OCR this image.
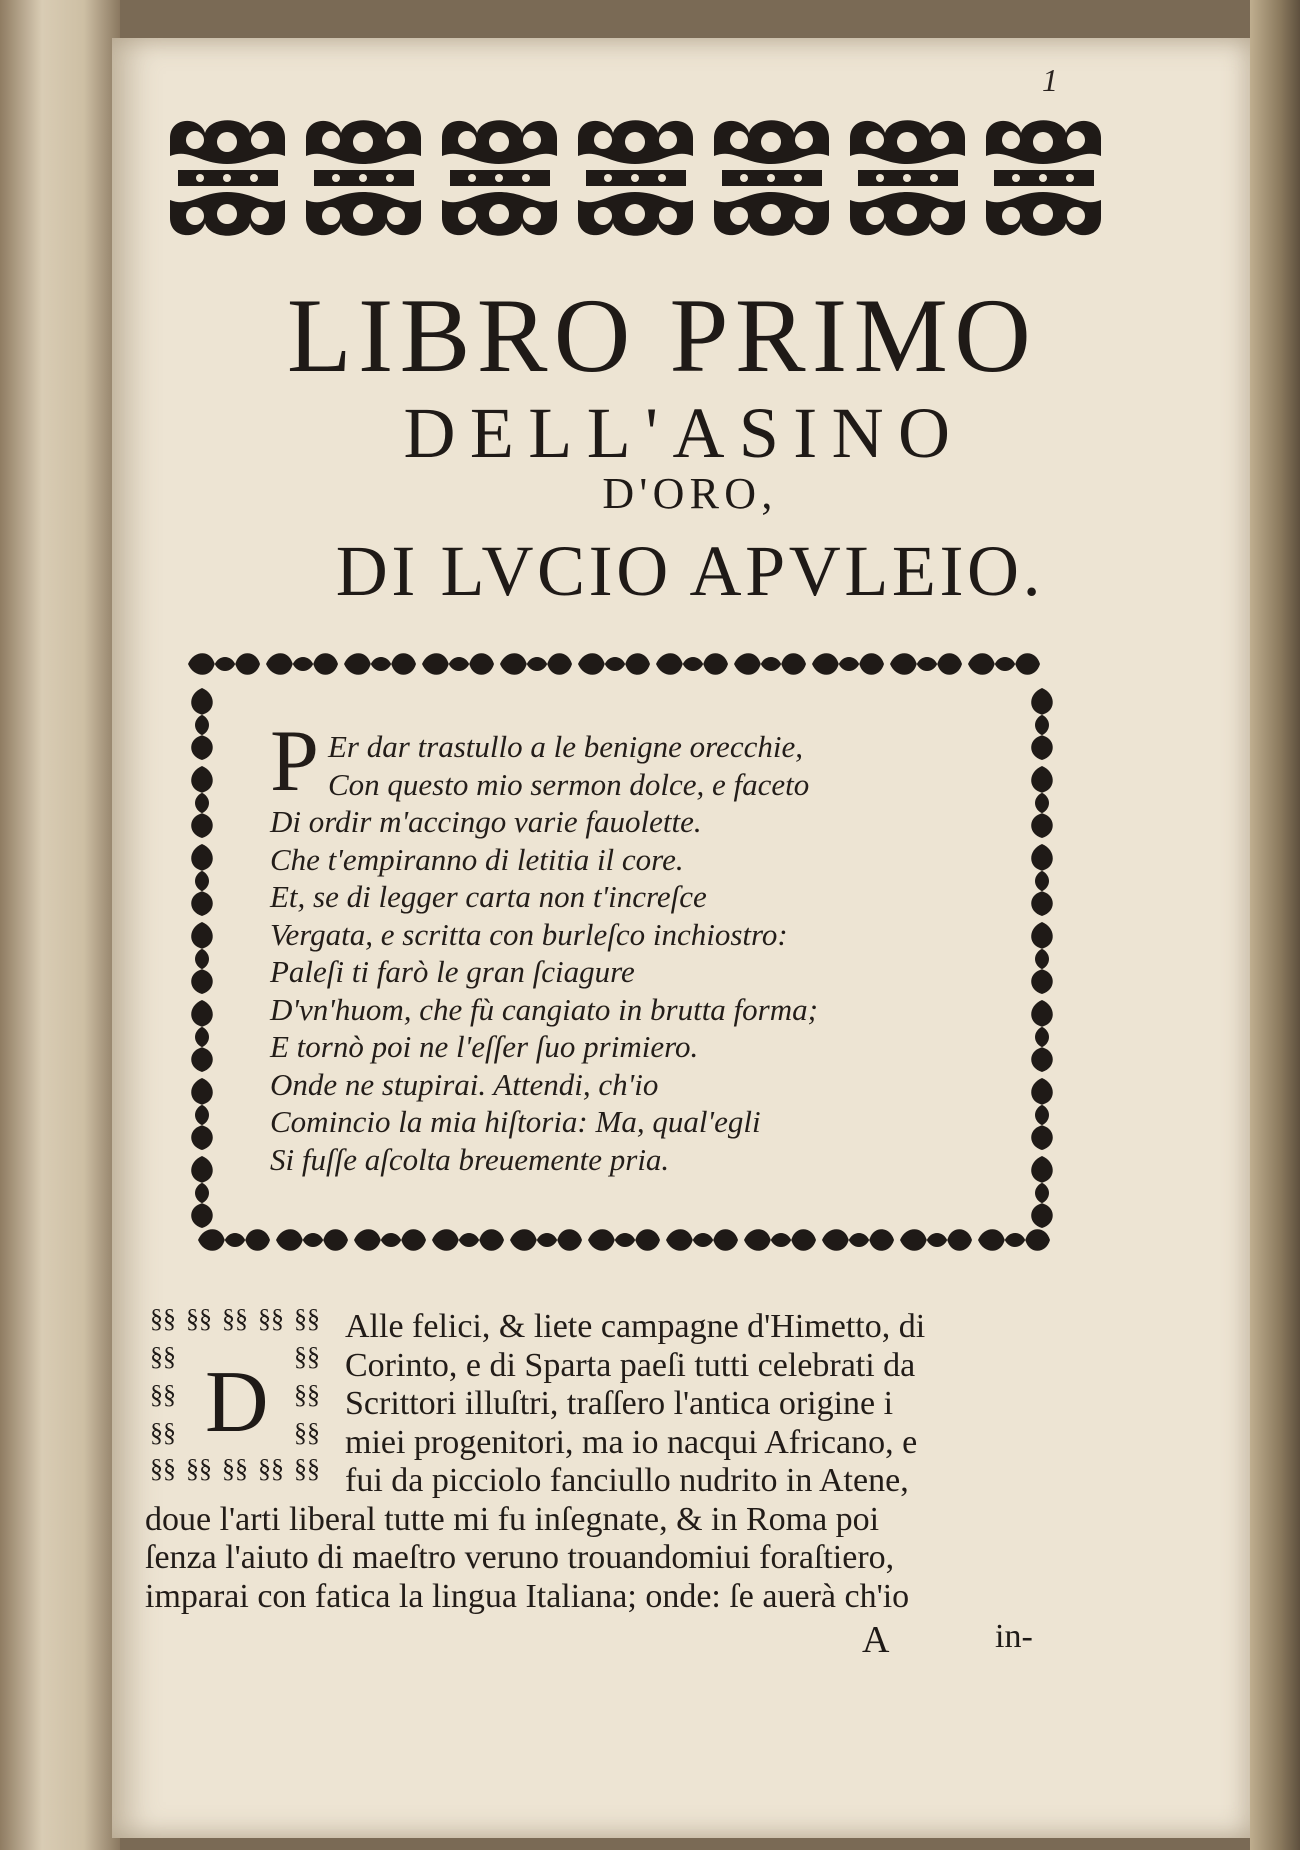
1
LIBRO PRIMO
DELL'ASINO
D'ORO,
DI LVCIO APVLEIO.
P Er dar trastullo a le benigne orecchie,
Con questo mio sermon dolce, e faceto
Di ordir m'accingo varie fauolette.
Che t'empiranno di letitia il core.
Et, se di legger carta non t'increſce
Vergata, e scritta con burleſco inchiostro:
Paleſi ti farò le gran ſciagure
D'vn'huom, che fù cangiato in brutta forma;
E tornò poi ne l'eſſer ſuo primiero.
Onde ne stupirai. Attendi, ch'io
Comincio la mia hiſtoria: Ma, qual'egli
Si fuſſe aſcolta breuemente pria.
D
Alle felici, & liete campagne d'Himetto, di
Corinto, e di Sparta paeſi tutti celebrati da
Scrittori illuſtri, traſſero l'antica origine i
miei progenitori, ma io nacqui Africano, e
fui da picciolo fanciullo nudrito in Atene,
doue l'arti liberal tutte mi fu inſegnate, & in Roma poi
ſenza l'aiuto di maeſtro veruno trouandomiui foraſtiero,
imparai con fatica la lingua Italiana; onde: ſe auerà ch'io
A	in-
